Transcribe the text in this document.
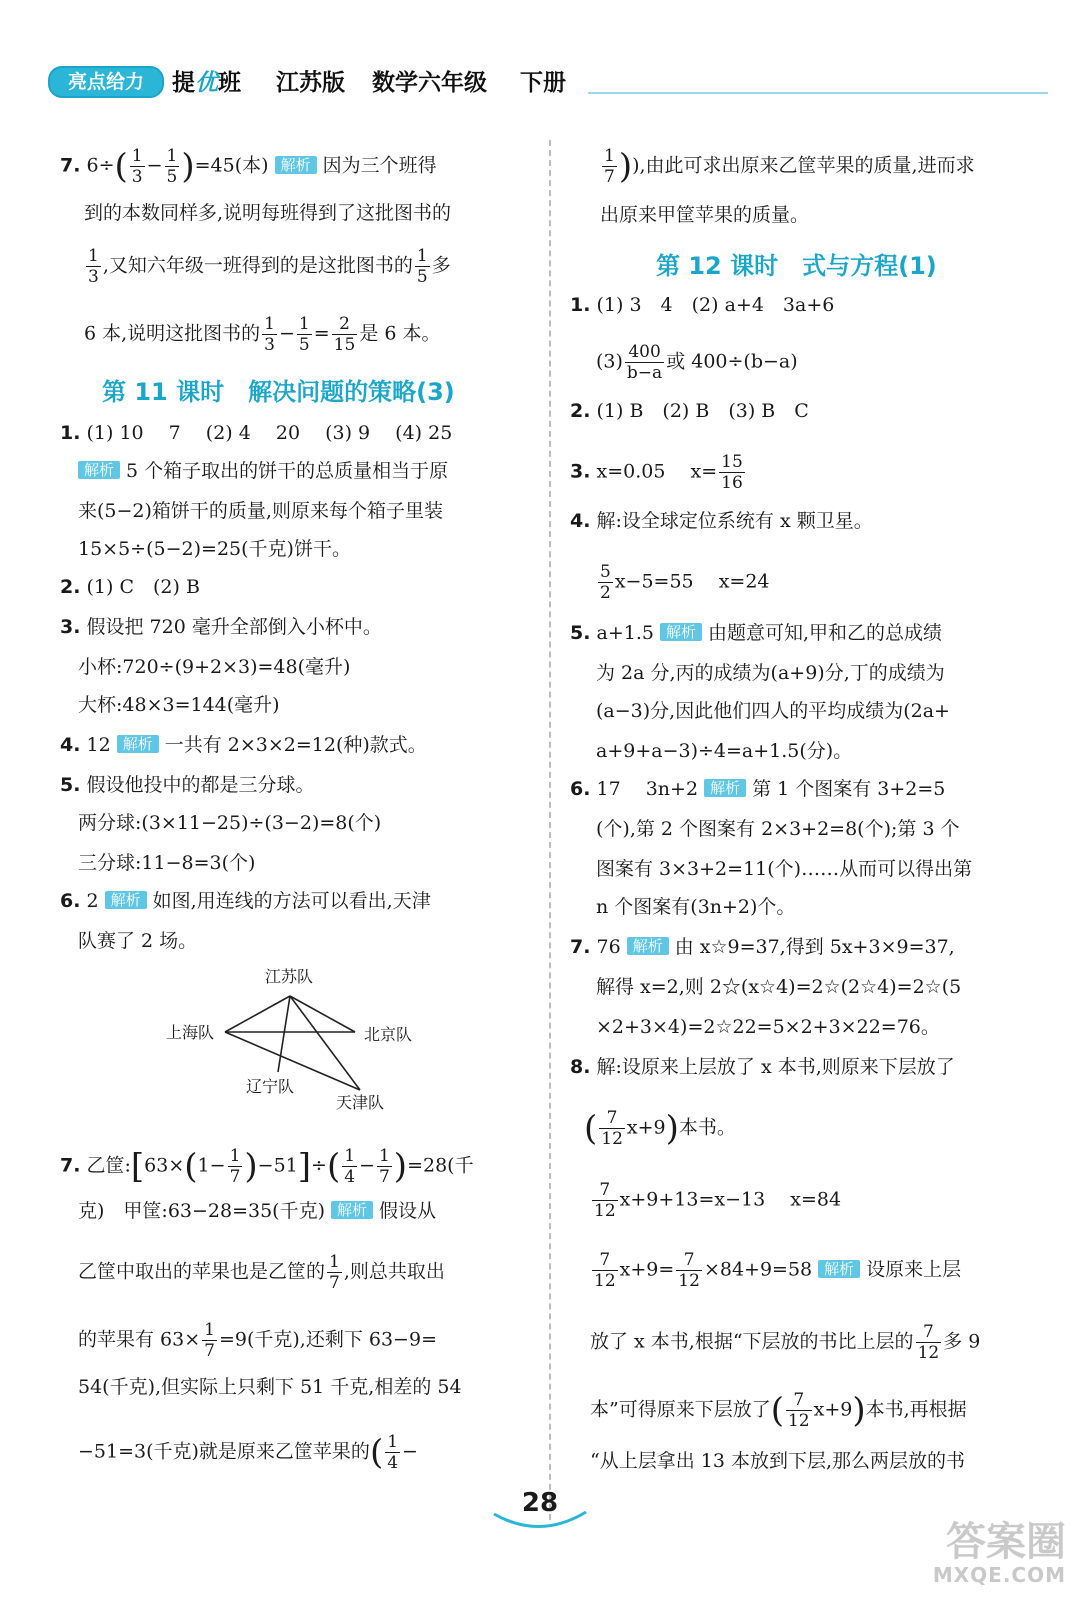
亮点给力	提优班 江苏版 数学六年级 下册
7. $6\div( \frac{1}{3} - \frac{1}{5} )=45$(本) 解析 因为三个班得
到的本数同样多,说明每班得到了这批图书的
$\frac{1}{3}$ ,又知六年级一班得到的是这批图书的 $\frac{1}{5}$ 多
6 本,说明这批图书的 $\frac{1}{3} - \frac{1}{5} = \frac{2}{15}$ 是 6 本。
第 11 课时　解决问题的策略(3)
1. (1) 10　 7　 (2) 4　 20　 (3) 9　 (4) 25
解析 5 个箱子取出的饼干的总质量相当于原
来(5−2)箱饼干的质量,则原来每个箱子里装
15×5÷(5−2)=25(千克)饼干。
2. (1) C　(2) B
3. 假设把 720 毫升全部倒入小杯中。
小杯:720÷(9+2×3)=48(毫升)
大杯:48×3=144(毫升)
4. 12 解析 一共有 2×3×2=12(种)款式。
5. 假设他投中的都是三分球。
两分球:(3×11−25)÷(3−2)=8(个)
三分球:11−8=3(个)
6. 2 解析 如图,用连线的方法可以看出,天津
队赛了 2 场。
江苏队
上海队	北京队
辽宁队
天津队
7. 乙筐:[63×(1− $\frac{1}{7} )-51]\div( \frac{1}{4} - \frac{1}{7} )=28$(千
克)　甲筐:63−28=35(千克) 解析 假设从
乙筐中取出的苹果也是乙筐的 $\frac{1}{7}$ ,则总共取出
的苹果有 $63\times \frac{1}{7} =9$(千克),还剩下 63−9=
54(千克),但实际上只剩下 51 千克,相差的 54
−51=3(千克)就是原来乙筐苹果的( $\frac{1}{4}$ −
$\frac{1}{7}$ )),由此可求出原来乙筐苹果的质量,进而求
出原来甲筐苹果的质量。
第 12 课时　式与方程(1)
1. (1) 3　4　(2) a+4　3a+6
$(3) \frac{400}{b-a}$ 或 400÷(b−a)
2. (1) B　(2) B　(3) B　C
3. x=0.05　 $x= \frac{15}{16}$
4. 解:设全球定位系统有 x 颗卫星。
$\frac{5}{2} x-5=55$　 x=24
5. a+1.5 解析 由题意可知,甲和乙的总成绩
为 2a 分,丙的成绩为(a+9)分,丁的成绩为
(a−3)分,因此他们四人的平均成绩为(2a+
a+9+a−3)÷4=a+1.5(分)。
6. 17　 3n+2 解析 第 1 个图案有 3+2=5
(个),第 2 个图案有 2×3+2=8(个);第 3 个
图案有 3×3+2=11(个)……从而可以得出第
n 个图案有(3n+2)个。
7. 76 解析 由 x☆9=37,得到 5x+3×9=37,
解得 x=2,则 2☆(x☆4)=2☆(2☆4)=2☆(5
×2+3×4)=2☆22=5×2+3×22=76。
8. 解:设原来上层放了 x 本书,则原来下层放了
( $\frac{7}{12} x+9$)本书。
$\frac{7}{12} x+9+13=x-13$　 x=84
$\frac{7}{12} x+9= \frac{7}{12} \times 84+9=58$ 解析 设原来上层
放了 x 本书,根据“下层放的书比上层的 $\frac{7}{12}$ 多 9
本”可得原来下层放了( $\frac{7}{12} x+9$)本书,再根据
“从上层拿出 13 本放到下层,那么两层放的书
28
答案圈
MXQE.COM
